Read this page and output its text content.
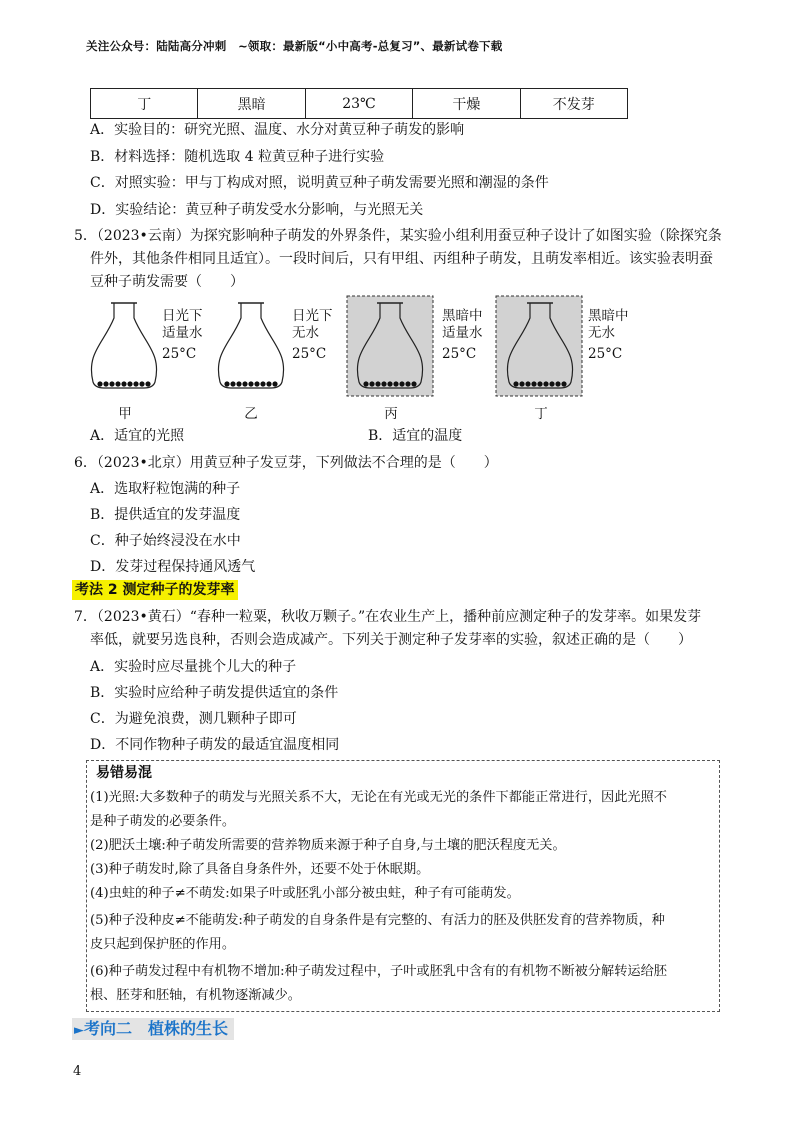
关注公众号：陆陆高分冲刺　~领取：最新版“小中高考-总复习”、最新试卷下载
丁	黑暗	23℃	干燥	不发芽
A．实验目的：研究光照、温度、水分对黄豆种子萌发的影响
B．材料选择：随机选取 4 粒黄豆种子进行实验
C．对照实验：甲与丁构成对照，说明黄豆种子萌发需要光照和潮湿的条件
D．实验结论：黄豆种子萌发受水分影响，与光照无关
5．（2023•云南）为探究影响种子萌发的外界条件，某实验小组利用蚕豆种子设计了如图实验（除探究条
件外，其他条件相同且适宜）。一段时间后，只有甲组、丙组种子萌发，且萌发率相近。该实验表明蚕
豆种子萌发需要（　　）
日光下
适量水
25°C
日光下
无水
25°C
黑暗中
适量水
25°C
黑暗中
无水
25°C
甲	乙	丙	丁
A．适宜的光照	B．适宜的温度
6．（2023•北京）用黄豆种子发豆芽，下列做法不合理的是（　　）
A．选取籽粒饱满的种子
B．提供适宜的发芽温度
C．种子始终浸没在水中
D．发芽过程保持通风透气
考法 2 测定种子的发芽率
7．（2023•黄石）“春种一粒粟，秋收万颗子。”在农业生产上，播种前应测定种子的发芽率。如果发芽
率低，就要另选良种，否则会造成减产。下列关于测定种子发芽率的实验，叙述正确的是（　　）
A．实验时应尽量挑个儿大的种子
B．实验时应给种子萌发提供适宜的条件
C．为避免浪费，测几颗种子即可
D．不同作物种子萌发的最适宜温度相同
易错易混
(1)光照:大多数种子的萌发与光照关系不大，无论在有光或无光的条件下都能正常进行，因此光照不
是种子萌发的必要条件。
(2)肥沃土壤:种子萌发所需要的营养物质来源于种子自身,与土壤的肥沃程度无关。
(3)种子萌发时,除了具备自身条件外，还要不处于休眠期。
(4)虫蛀的种子≠不萌发:如果子叶或胚乳小部分被虫蛀，种子有可能萌发。
(5)种子没种皮≠不能萌发:种子萌发的自身条件是有完整的、有活力的胚及供胚发育的营养物质，种
皮只起到保护胚的作用。
(6)种子萌发过程中有机物不增加:种子萌发过程中，子叶或胚乳中含有的有机物不断被分解转运给胚
根、胚芽和胚轴，有机物逐渐减少。
►考向二　植株的生长
4
